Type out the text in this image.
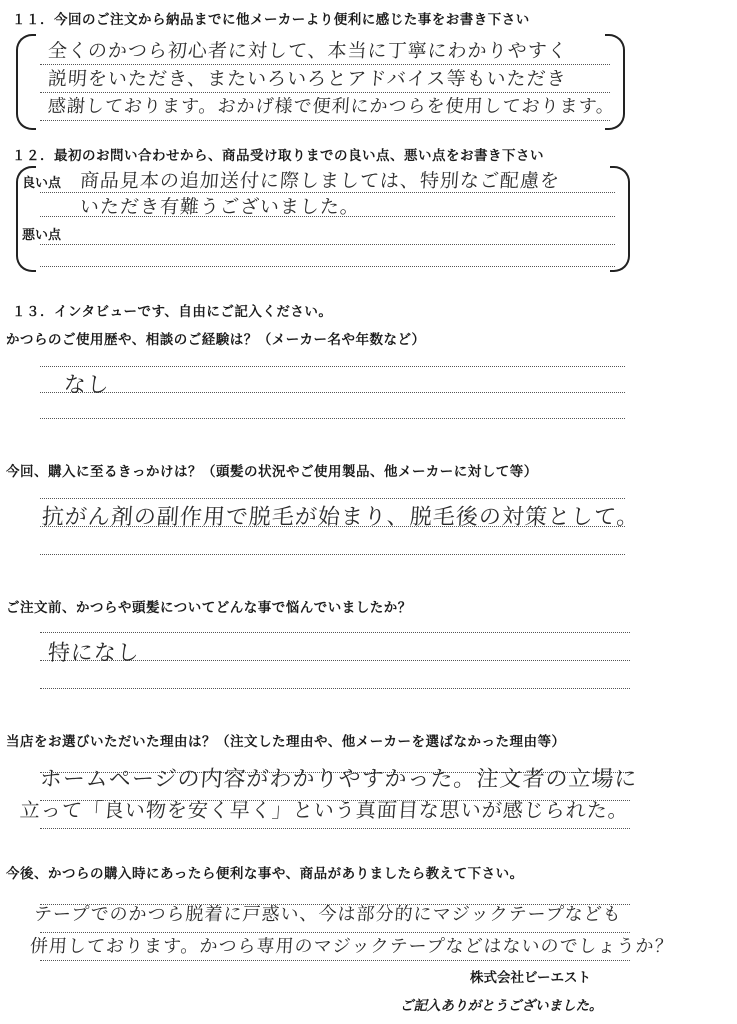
１１．今回のご注文から納品までに他メーカーより便利に感じた事をお書き下さい
全くのかつら初心者に対して、本当に丁寧にわかりやすく
説明をいただき、またいろいろとアドバイス等もいただき
感謝しております。おかげ様で便利にかつらを使用しております。
１２．最初のお問い合わせから、商品受け取りまでの良い点、悪い点をお書き下さい
良い点
悪い点
商品見本の追加送付に際しましては、特別なご配慮を
いただき有難うございました。
１３．インタビューです、自由にご記入ください。
かつらのご使用歴や、相談のご経験は？（メーカー名や年数など）
なし
今回、購入に至るきっかけは？（頭髪の状況やご使用製品、他メーカーに対して等）
抗がん剤の副作用で脱毛が始まり、脱毛後の対策として。
ご注文前、かつらや頭髪についてどんな事で悩んでいましたか？
特になし
当店をお選びいただいた理由は？（注文した理由や、他メーカーを選ばなかった理由等）
ホームページの内容がわかりやすかった。注文者の立場に
立って「良い物を安く早く」という真面目な思いが感じられた。
今後、かつらの購入時にあったら便利な事や、商品がありましたら教えて下さい。
テープでのかつら脱着に戸惑い、今は部分的にマジックテープなども
併用しております。かつら専用のマジックテープなどはないのでしょうか？
株式会社ビーエスト
ご記入ありがとうございました。
